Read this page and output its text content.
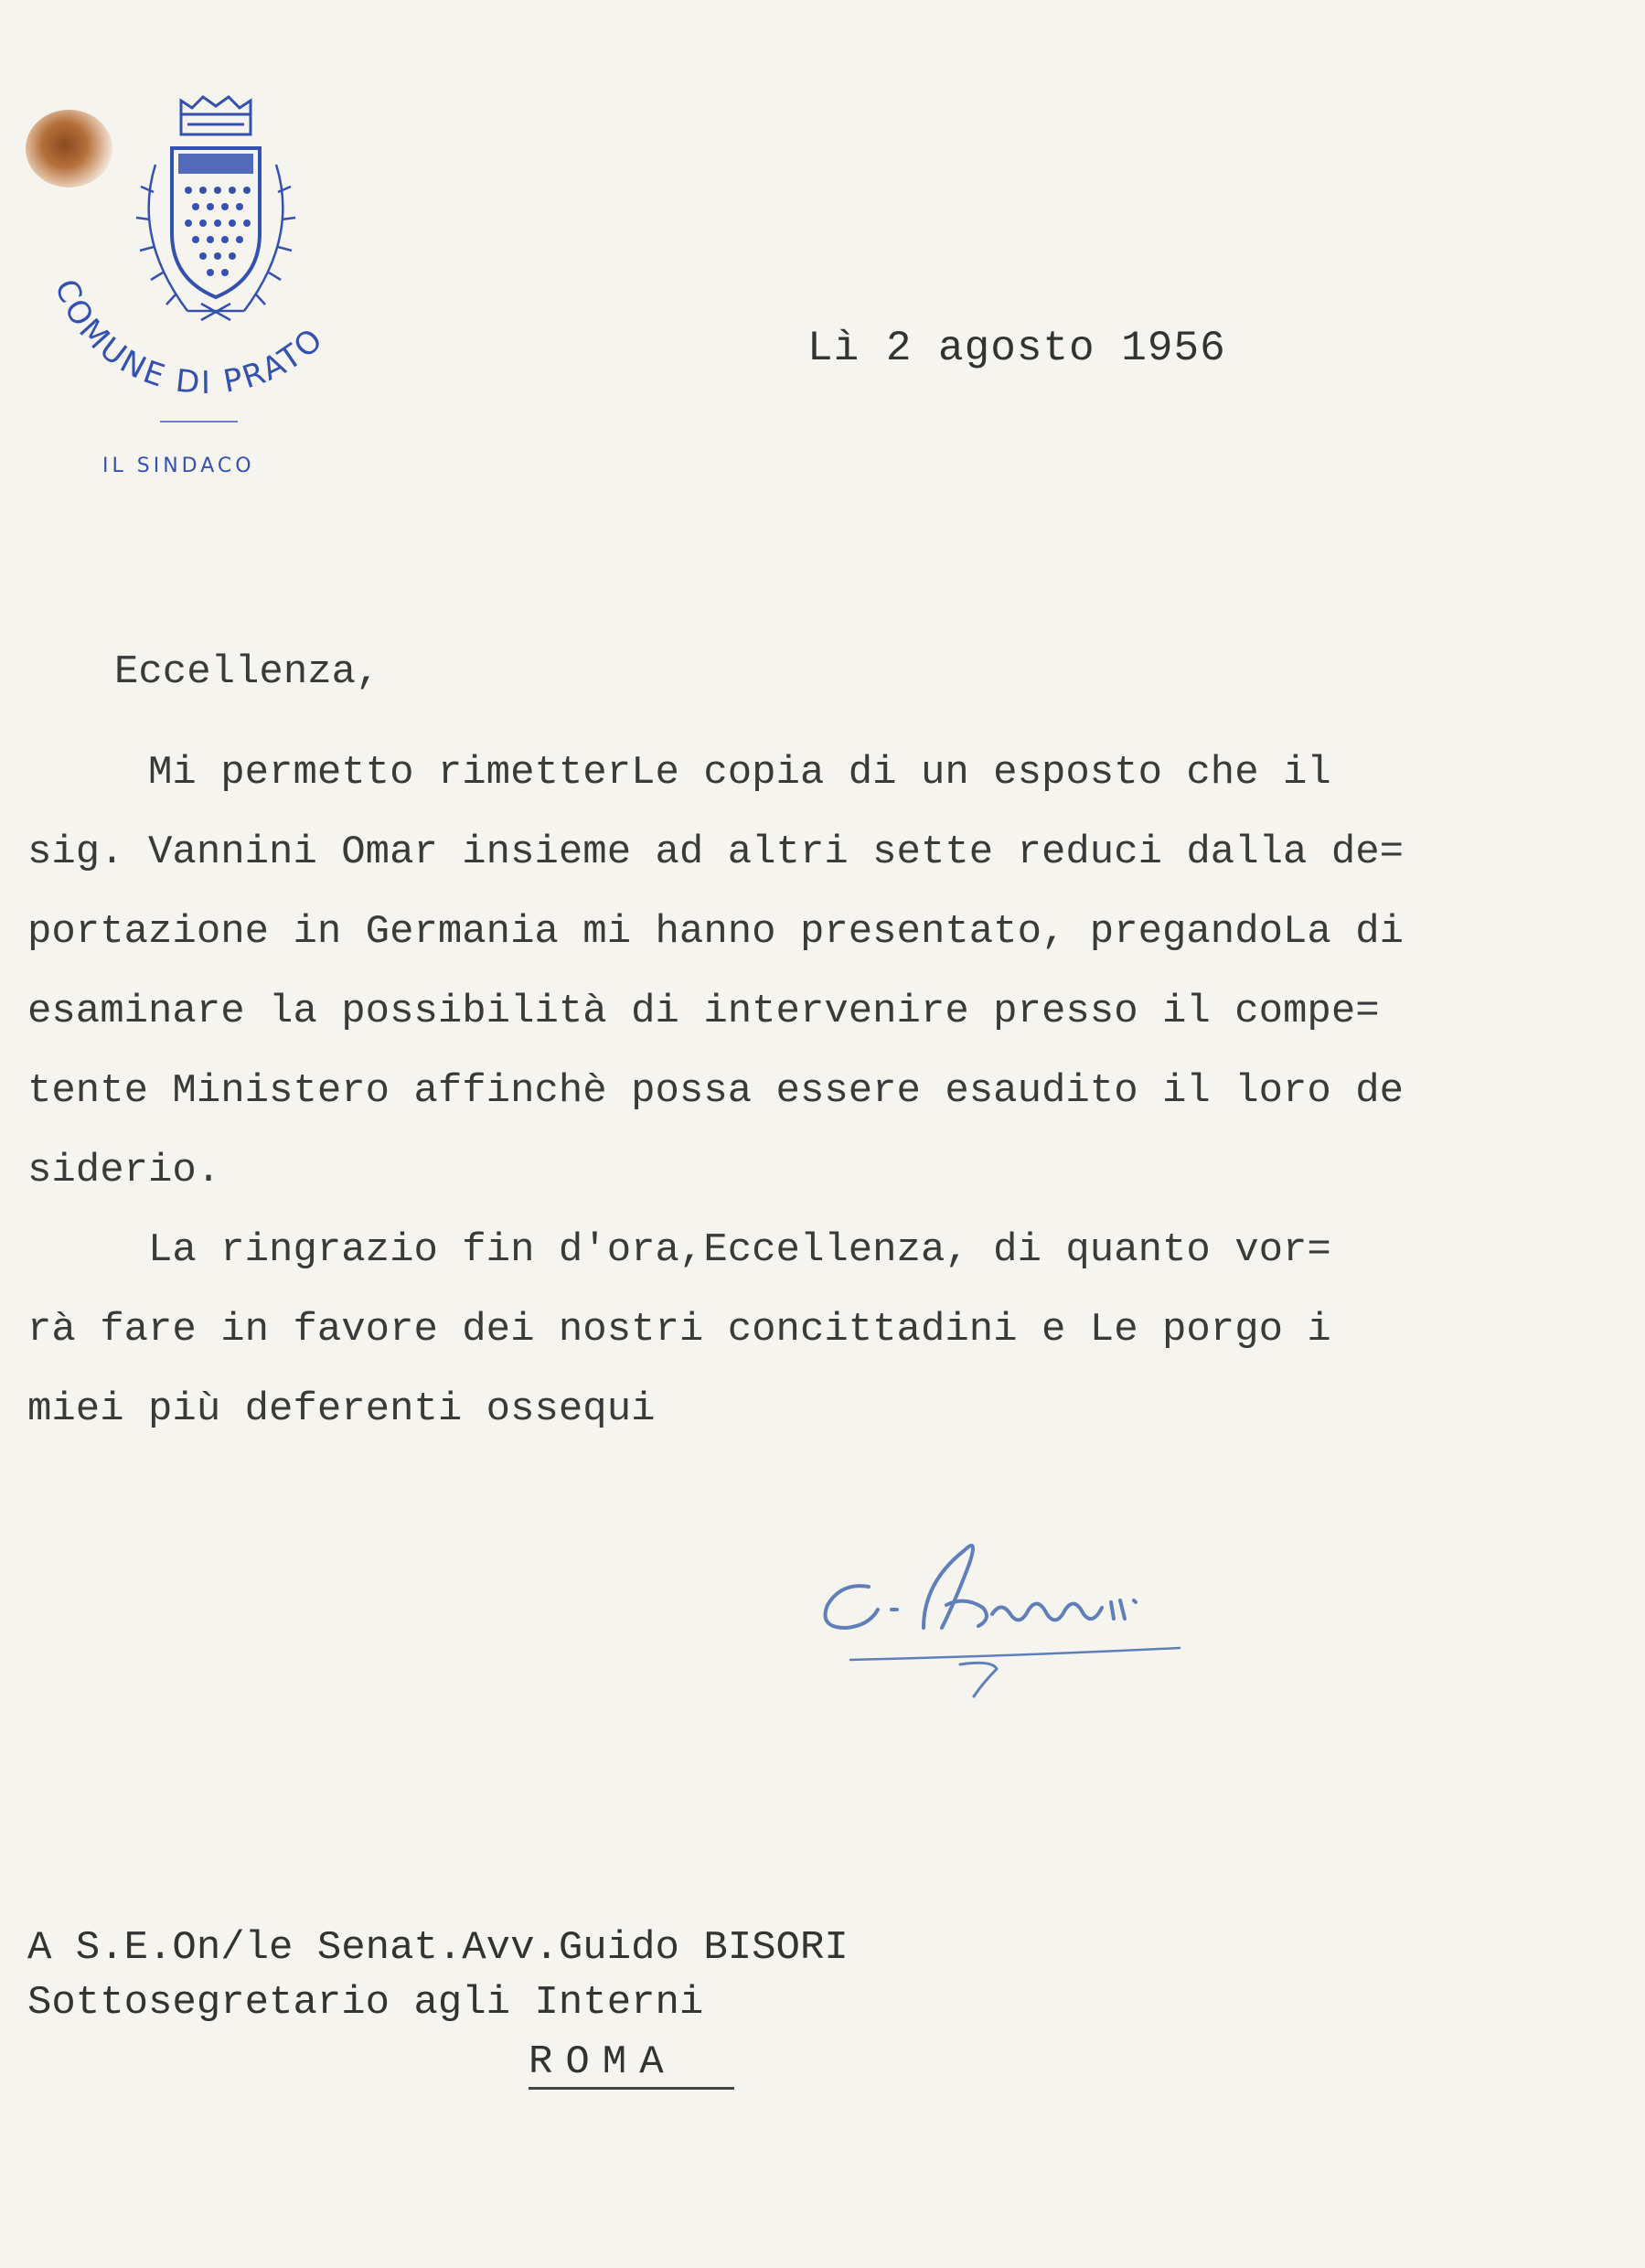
COMUNE DI PRATO
IL SINDACO
Lì 2 agosto 1956
Eccellenza,
Mi permetto rimetterLe copia di un esposto che il
sig. Vannini Omar insieme ad altri sette reduci dalla de=
portazione in Germania mi hanno presentato, pregandoLa di
esaminare la possibilità di intervenire presso il compe=
tente Ministero affinchè possa essere esaudito il loro de
siderio.
La ringrazio fin d'ora,Eccellenza, di quanto vor=
rà fare in favore dei nostri concittadini e Le porgo i
miei più deferenti ossequi
A S.E.On/le Senat.Avv.Guido BISORI
Sottosegretario agli Interni
ROMA
